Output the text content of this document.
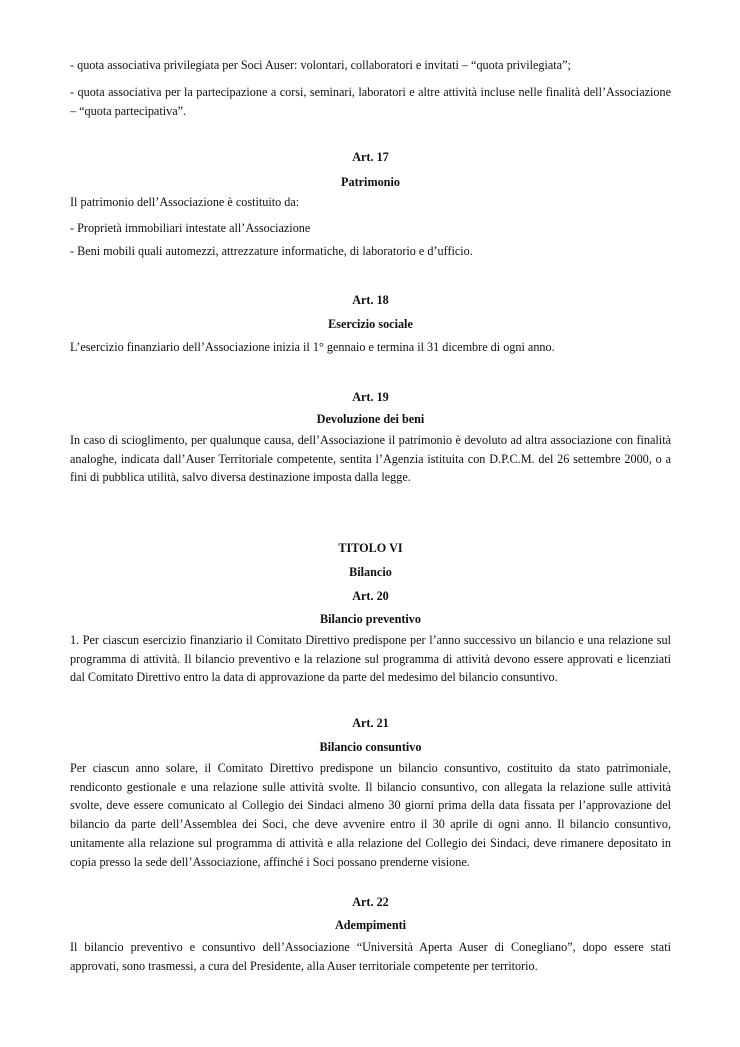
- quota associativa privilegiata per Soci Auser: volontari, collaboratori e invitati – “quota privilegiata”;

- quota associativa per la partecipazione a corsi, seminari, laboratori e altre attività incluse nelle finalità dell’Associazione – “quota partecipativa”.

Art. 17

Patrimonio

Il patrimonio dell’Associazione è costituito da:

- Proprietà immobiliari intestate all’Associazione

- Beni mobili quali automezzi, attrezzature informatiche, di laboratorio e d’ufficio.

Art. 18

Esercizio sociale

L’esercizio finanziario dell’Associazione inizia il 1° gennaio e termina il 31 dicembre di ogni anno.

Art. 19

Devoluzione dei beni

In caso di scioglimento, per qualunque causa, dell’Associazione il patrimonio è devoluto ad altra associazione con finalità analoghe, indicata dall’Auser Territoriale competente, sentita l’Agenzia istituita con D.P.C.M. del 26 settembre 2000, o a fini di pubblica utilità, salvo diversa destinazione imposta dalla legge.

TITOLO VI

Bilancio

Art. 20

Bilancio preventivo

1. Per ciascun esercizio finanziario il Comitato Direttivo predispone per l’anno successivo un bilancio e una relazione sul programma di attività. Il bilancio preventivo e la relazione sul programma di attività devono essere approvati e licenziati dal Comitato Direttivo entro la data di approvazione da parte del medesimo del bilancio consuntivo.

Art. 21

Bilancio consuntivo

Per ciascun anno solare, il Comitato Direttivo predispone un bilancio consuntivo, costituito da stato patrimoniale, rendiconto gestionale e una relazione sulle attività svolte. Il bilancio consuntivo, con allegata la relazione sulle attività svolte, deve essere comunicato al Collegio dei Sindaci almeno 30 giorni prima della data fissata per l’approvazione del bilancio da parte dell’Assemblea dei Soci, che deve avvenire entro il 30 aprile di ogni anno. Il bilancio consuntivo, unitamente alla relazione sul programma di attività e alla relazione del Collegio dei Sindaci, deve rimanere depositato in copia presso la sede dell’Associazione, affinché i Soci possano prenderne visione.

Art. 22

Adempimenti

Il bilancio preventivo e consuntivo dell’Associazione “Università Aperta Auser di Conegliano”, dopo essere stati approvati, sono trasmessi, a cura del Presidente, alla Auser territoriale competente per territorio.
